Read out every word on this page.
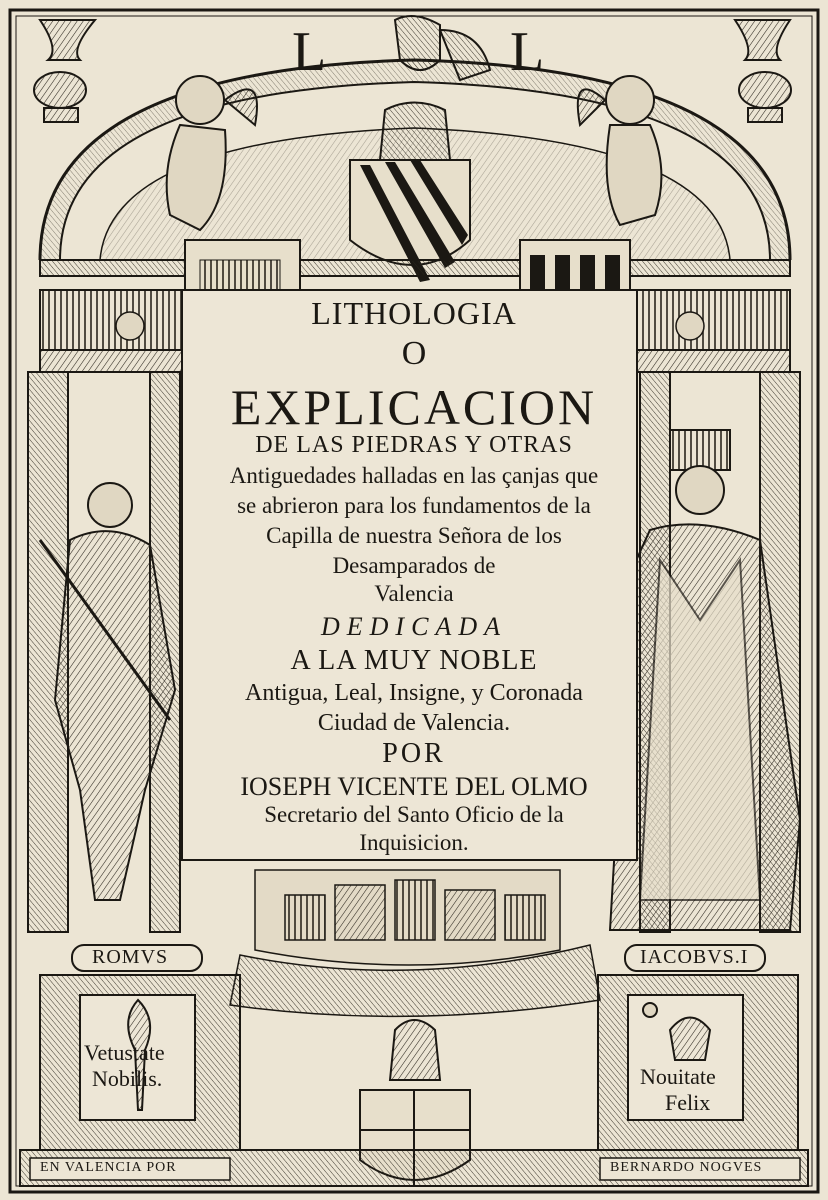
L	L
LITHOLOGIA
O
EXPLICACION
DE LAS PIEDRAS Y OTRAS
Antiguedades halladas en las çanjas que
se abrieron para los fundamentos de la
Capilla de nuestra Señora de los
Desamparados de
Valencia
DEDICADA
A LA MUY NOBLE
Antigua, Leal, Insigne, y Coronada
Ciudad de Valencia.
POR
IOSEPH VICENTE DEL OLMO
Secretario del Santo Oficio de la
Inquisicion.
ROMVS	IACOBVS.I
Vetustate
Nobilis.	Nouitate
Felix
EN VALENCIA POR	BERNARDO NOGVES
